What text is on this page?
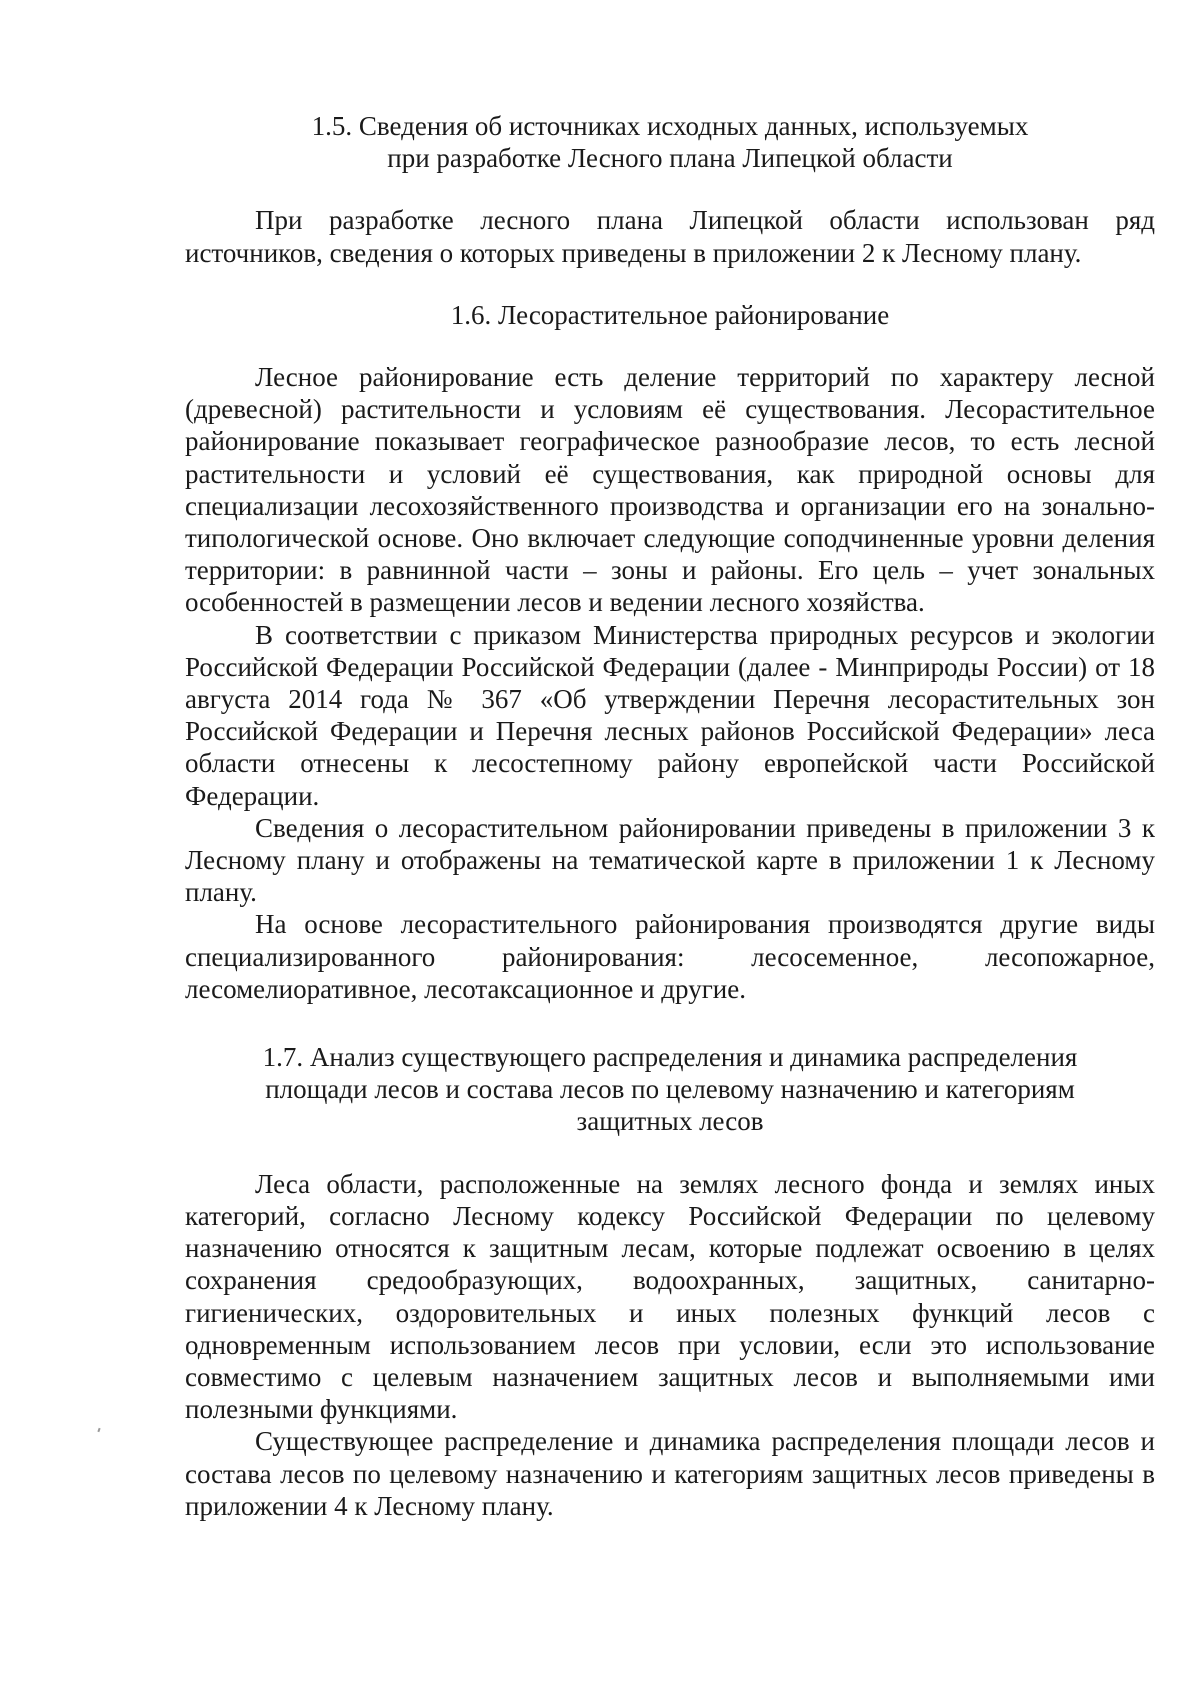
1.5. Сведения об источниках исходных данных, используемых
при разработке Лесного плана Липецкой области

При разработке лесного плана Липецкой области использован ряд источников, сведения о которых приведены в приложении 2 к Лесному плану.

1.6. Лесорастительное районирование

Лесное районирование есть деление территорий по характеру лесной (древесной) растительности и условиям её существования. Лесорастительное районирование показывает географическое разнообразие лесов, то есть лесной растительности и условий её существования, как природной основы для специализации лесохозяйственного производства и организации его на зонально-типологической основе. Оно включает следующие соподчиненные уровни деления территории: в равнинной части – зоны и районы. Его цель – учет зональных особенностей в размещении лесов и ведении лесного хозяйства.

В соответствии с приказом Министерства природных ресурсов и экологии Российской Федерации Российской Федерации (далее - Минприроды России) от 18 августа 2014 года № 367 «Об утверждении Перечня лесорастительных зон Российской Федерации и Перечня лесных районов Российской Федерации» леса области отнесены к лесостепному районy европейской части Российской Федерации.

Сведения о лесорастительном районировании приведены в приложении 3 к Лесному плану и отображены на тематической карте в приложении 1 к Лесному плану.

На основе лесорастительного районирования производятся другие виды специализированного районирования: лесосеменное, лесопожарное, лесомелиоративное, лесотаксационное и другие.

1.7. Анализ существующего распределения и динамика распределения
площади лесов и состава лесов по целевому назначению и категориям
защитных лесов

Леса области, расположенные на землях лесного фонда и землях иных категорий, согласно Лесному кодексу Российской Федерации по целевому назначению относятся к защитным лесам, которые подлежат освоению в целях сохранения средообразующих, водоохранных, защитных, санитарно-гигиенических, оздоровительных и иных полезных функций лесов с одновременным использованием лесов при условии, если это использование совместимо с целевым назначением защитных лесов и выполняемыми ими полезными функциями.

Существующее распределение и динамика распределения площади лесов и состава лесов по целевому назначению и категориям защитных лесов приведены в приложении 4 к Лесному плану.
